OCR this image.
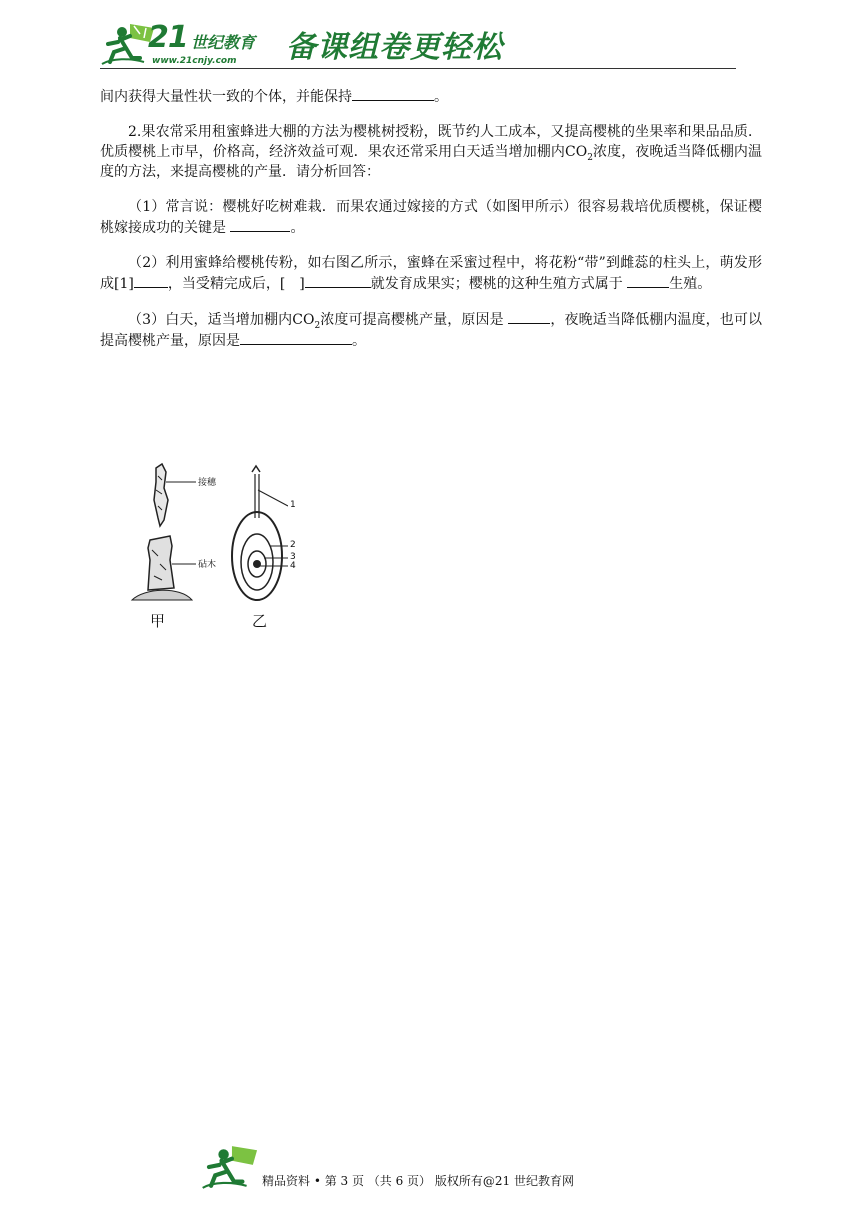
21 世纪教育
www.21cnjy.com 备课组卷更轻松

间内获得大量性状一致的个体，并能保持	。

2.果农常采用租蜜蜂进大棚的方法为樱桃树授粉，既节约人工成本，又提高樱桃的坐果率和果品品质．优质樱桃上市早，价格高，经济效益可观．果农还常采用白天适当增加棚内$CO_2$浓度，夜晚适当降低棚内温度的方法，来提高樱桃的产量．请分析回答：

（1）常言说：樱桃好吃树难栽．而果农通过嫁接的方式（如图甲所示）很容易栽培优质樱桃，保证樱桃嫁接成功的关键是	。

（2）利用蜜蜂给樱桃传粉，如右图乙所示，蜜蜂在采蜜过程中，将花粉“带”到雌蕊的柱头上，萌发形成[1] ，当受精完成后，[　]	就发育成果实；樱桃的这种生殖方式属于	生殖。

（3）白天，适当增加棚内$CO_2$浓度可提高樱桃产量，原因是	，夜晚适当降低棚内温度，也可以提高樱桃产量，原因是	。

接穗
砧木
1
2
3
4
甲	乙
精品资料 • 第 3 页 （共 6 页） 版权所有@21 世纪教育网
